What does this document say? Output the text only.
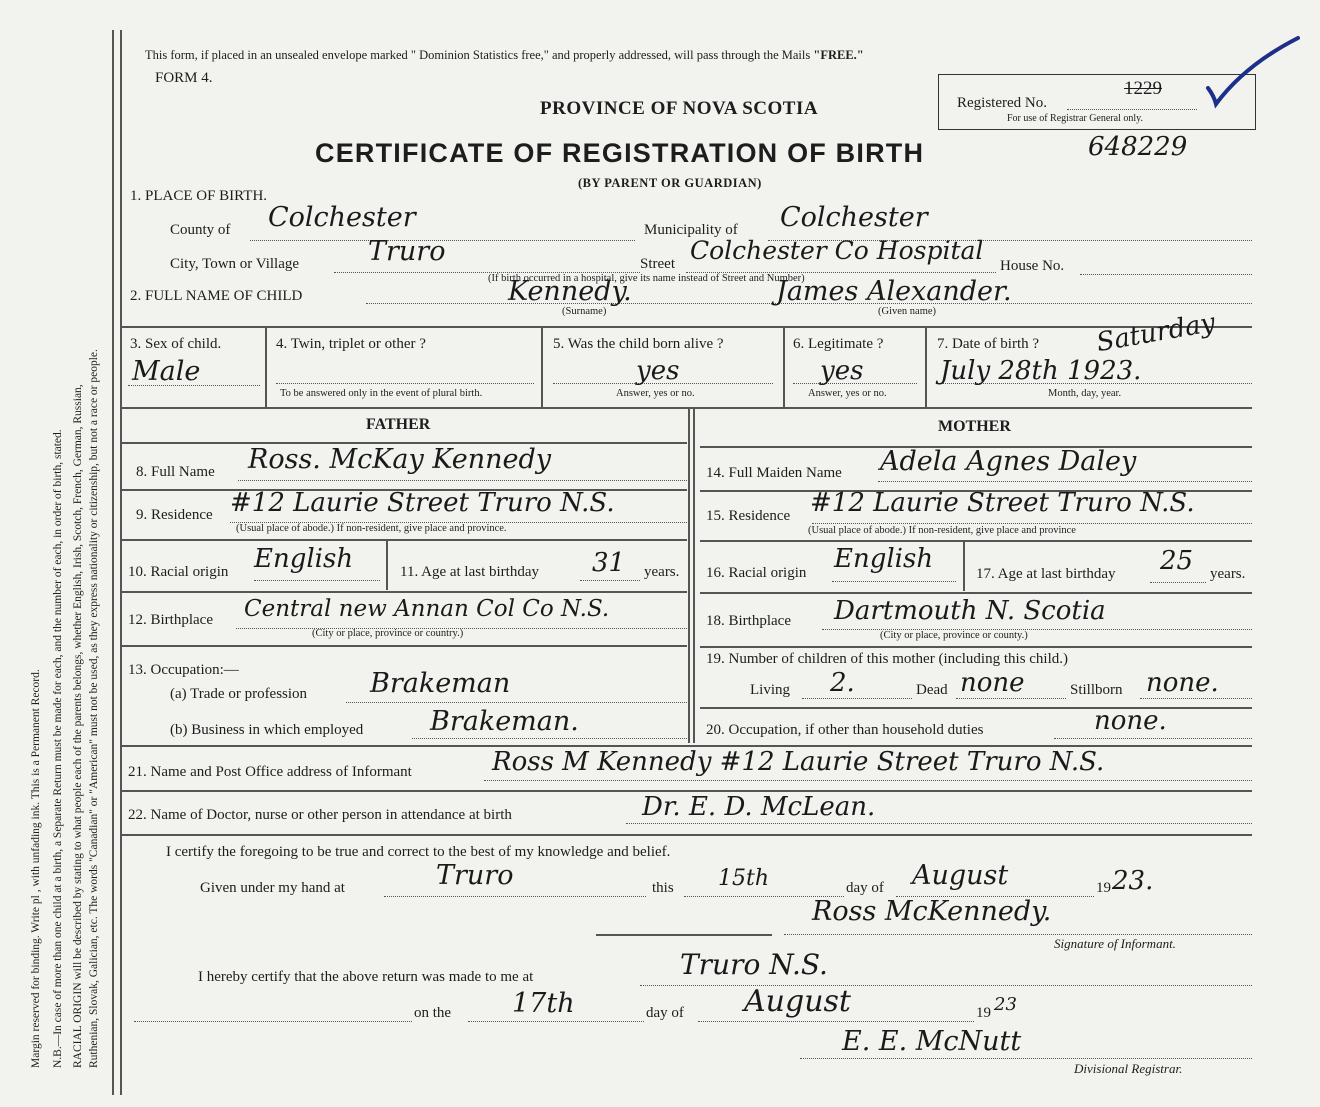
Margin reserved for binding. Write pl , with unfading ink. This is a Permanent Record. N.B.—In case of more than one child at a birth, a Separate Return must be made for each, and the number of each, in order of birth, stated. RACIAL ORIGIN will be described by stating to what people each of the parents belongs, whether English, Irish, Scotch, French, German, Russian, Ruthenian, Slovak, Galician, etc. The words "Canadian" or "American" must not be used, as they express nationality or citizenship, but not a race or people.
This form, if placed in an unsealed envelope marked " Dominion Statistics free," and properly addressed, will pass through the Mails "FREE."
FORM 4.
Registered No.
1229
For use of Registrar General only.
PROVINCE OF NOVA SCOTIA
CERTIFICATE OF REGISTRATION OF BIRTH	648229
(BY PARENT OR GUARDIAN)
1. PLACE OF BIRTH.
County of Colchester	Municipality of Colchester
City, Town or Village	Truro	Street Colchester Co Hospital
House No.
(If birth occurred in a hospital, give its name instead of Street and Number)
2. FULL NAME OF CHILD	Kennedy.
(Surname)
James Alexander.
(Given name)
3. Sex of child.
Male
4. Twin, triplet or other ?
To be answered only in the event of plural birth.
5. Was the child born alive ?
yes
Answer, yes or no.
6. Legitimate ?
yes
Answer, yes or no.
7. Date of birth ?
July 28th 1923.
Saturday
Month, day, year.
FATHER	MOTHER
8. Full Name Ross. McKay Kennedy
9. Residence #12 Laurie Street Truro N.S.
(Usual place of abode.) If non-resident, give place and province.
10. Racial origin English	11. Age at last birthday 31 years.
12. Birthplace Central new Annan Col Co N.S.
(City or place, province or country.)
13. Occupation:—
(a) Trade or profession Brakeman
(b) Business in which employed Brakeman.
14. Full Maiden Name Adela Agnes Daley
15. Residence #12 Laurie Street Truro N.S.
(Usual place of abode.) If non-resident, give place and province
16. Racial origin English	17. Age at last birthday 25 years.
18. Birthplace Dartmouth N. Scotia
(City or place, province or county.)
19. Number of children of this mother (including this child.)
Living 2.	Dead none	Stillborn none.
20. Occupation, if other than household duties	none.
21. Name and Post Office address of Informant	Ross M Kennedy #12 Laurie Street Truro N.S.
22. Name of Doctor, nurse or other person in attendance at birth	Dr. E. D. McLean.
I certify the foregoing to be true and correct to the best of my knowledge and belief.
Given under my hand at	Truro	this 15th	day of August	19 23.
Ross McKennedy.
Signature of Informant.
I hereby certify that the above return was made to me at	Truro N.S.
on the 17th	day of August	19 23
E. E. McNutt
Divisional Registrar.
